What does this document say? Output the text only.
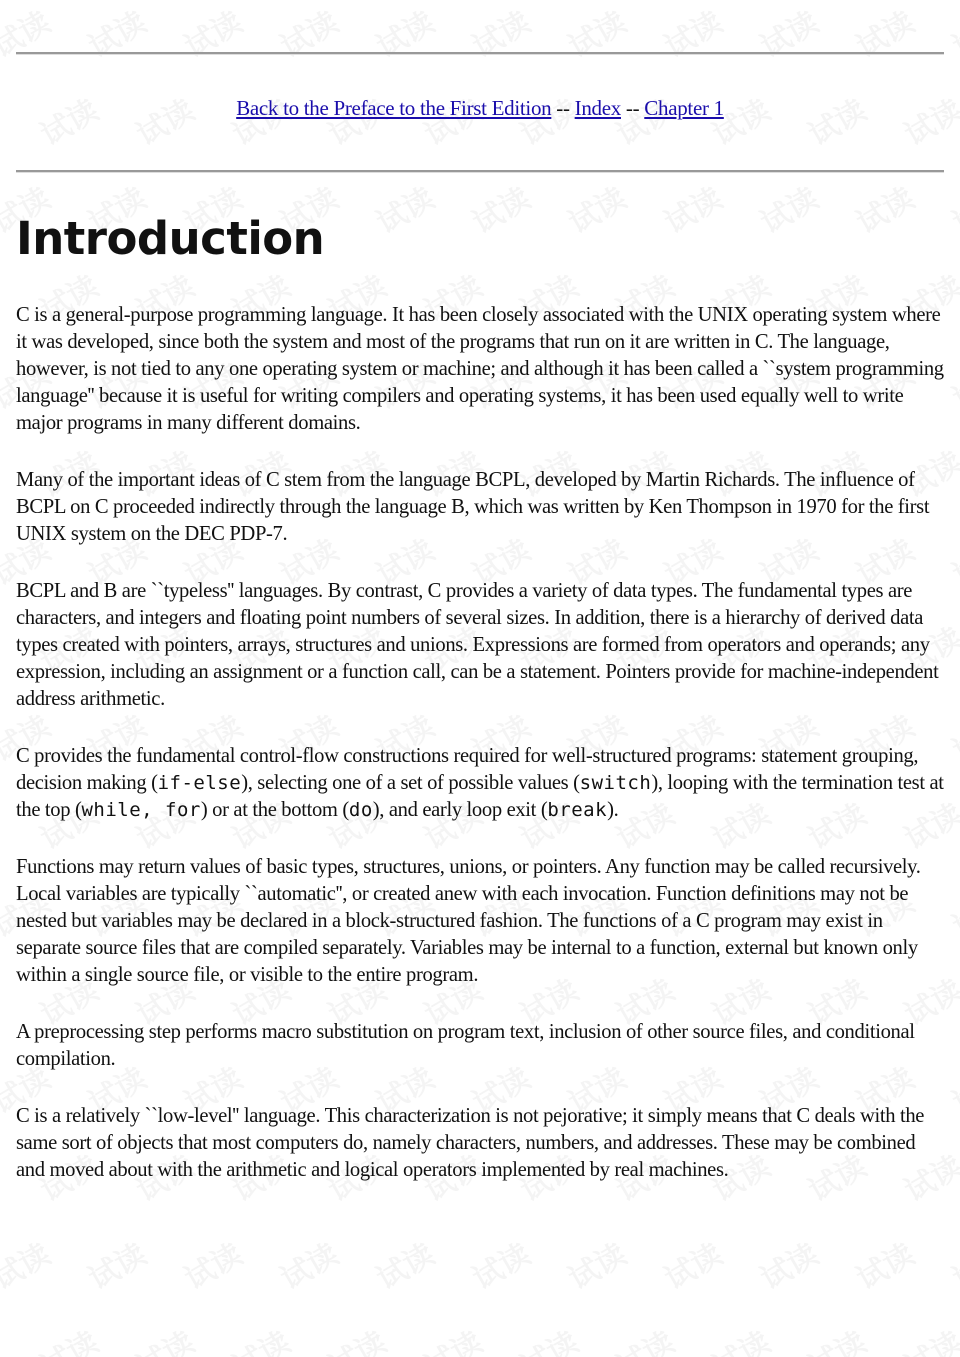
Back to the Preface to the First Edition -- Index -- Chapter 1
Introduction

C is a general-purpose programming language. It has been closely associated with the UNIX operating system where it was developed, since both the system and most of the programs that run on it are written in C. The language, however, is not tied to any one operating system or machine; and although it has been called a ``system programming language'' because it is useful for writing compilers and operating systems, it has been used equally well to write major programs in many different domains.

Many of the important ideas of C stem from the language BCPL, developed by Martin Richards. The influence of BCPL on C proceeded indirectly through the language B, which was written by Ken Thompson in 1970 for the first UNIX system on the DEC PDP-7.

BCPL and B are ``typeless'' languages. By contrast, C provides a variety of data types. The fundamental types are characters, and integers and floating point numbers of several sizes. In addition, there is a hierarchy of derived data types created with pointers, arrays, structures and unions. Expressions are formed from operators and operands; any expression, including an assignment or a function call, can be a statement. Pointers provide for machine-independent address arithmetic.

C provides the fundamental control-flow constructions required for well-structured programs: statement grouping, decision making (if-else), selecting one of a set of possible values (switch), looping with the termination test at the top (while, for) or at the bottom (do), and early loop exit (break).

Functions may return values of basic types, structures, unions, or pointers. Any function may be called recursively. Local variables are typically ``automatic'', or created anew with each invocation. Function definitions may not be nested but variables may be declared in a block-structured fashion. The functions of a C program may exist in separate source files that are compiled separately. Variables may be internal to a function, external but known only within a single source file, or visible to the entire program.

A preprocessing step performs macro substitution on program text, inclusion of other source files, and conditional compilation.

C is a relatively ``low-level'' language. This characterization is not pejorative; it simply means that C deals with the same sort of objects that most computers do, namely characters, numbers, and addresses. These may be combined and moved about with the arithmetic and logical operators implemented by real machines.
